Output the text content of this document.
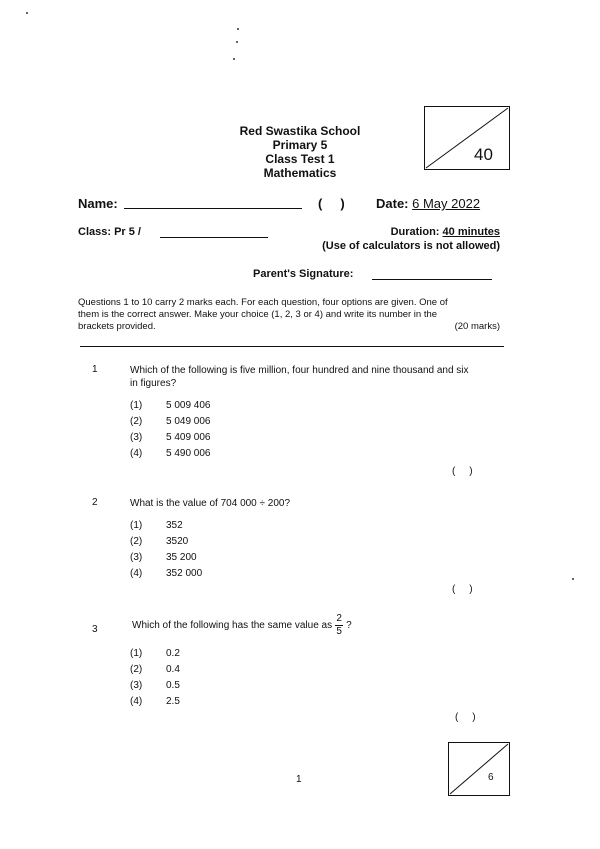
Red Swastika School
Primary 5
Class Test 1
Mathematics
40
Name:	(     ) Date: 6 May 2022
Class: Pr 5 /	Duration: 40 minutes
(Use of calculators is not allowed)
Parent's Signature:
Questions 1 to 10 carry 2 marks each. For each question, four options are given. One of
them is the correct answer. Make your choice (1, 2, 3 or 4) and write its number in the
brackets provided.	(20 marks)
1	Which of the following is five million, four hundred and nine thousand and six
in figures?
(1) 5 009 406
(2) 5 049 006
(3) 5 409 006
(4) 5 490 006
(     )
2	What is the value of 704 000 ÷ 200?
(1) 352
(2) 3520
(3) 35 200
(4) 352 000
(     )
3	Which of the following has the same value as
2
5
?
(1) 0.2
(2) 0.4
(3) 0.5
(4) 2.5
(     )
1	6
